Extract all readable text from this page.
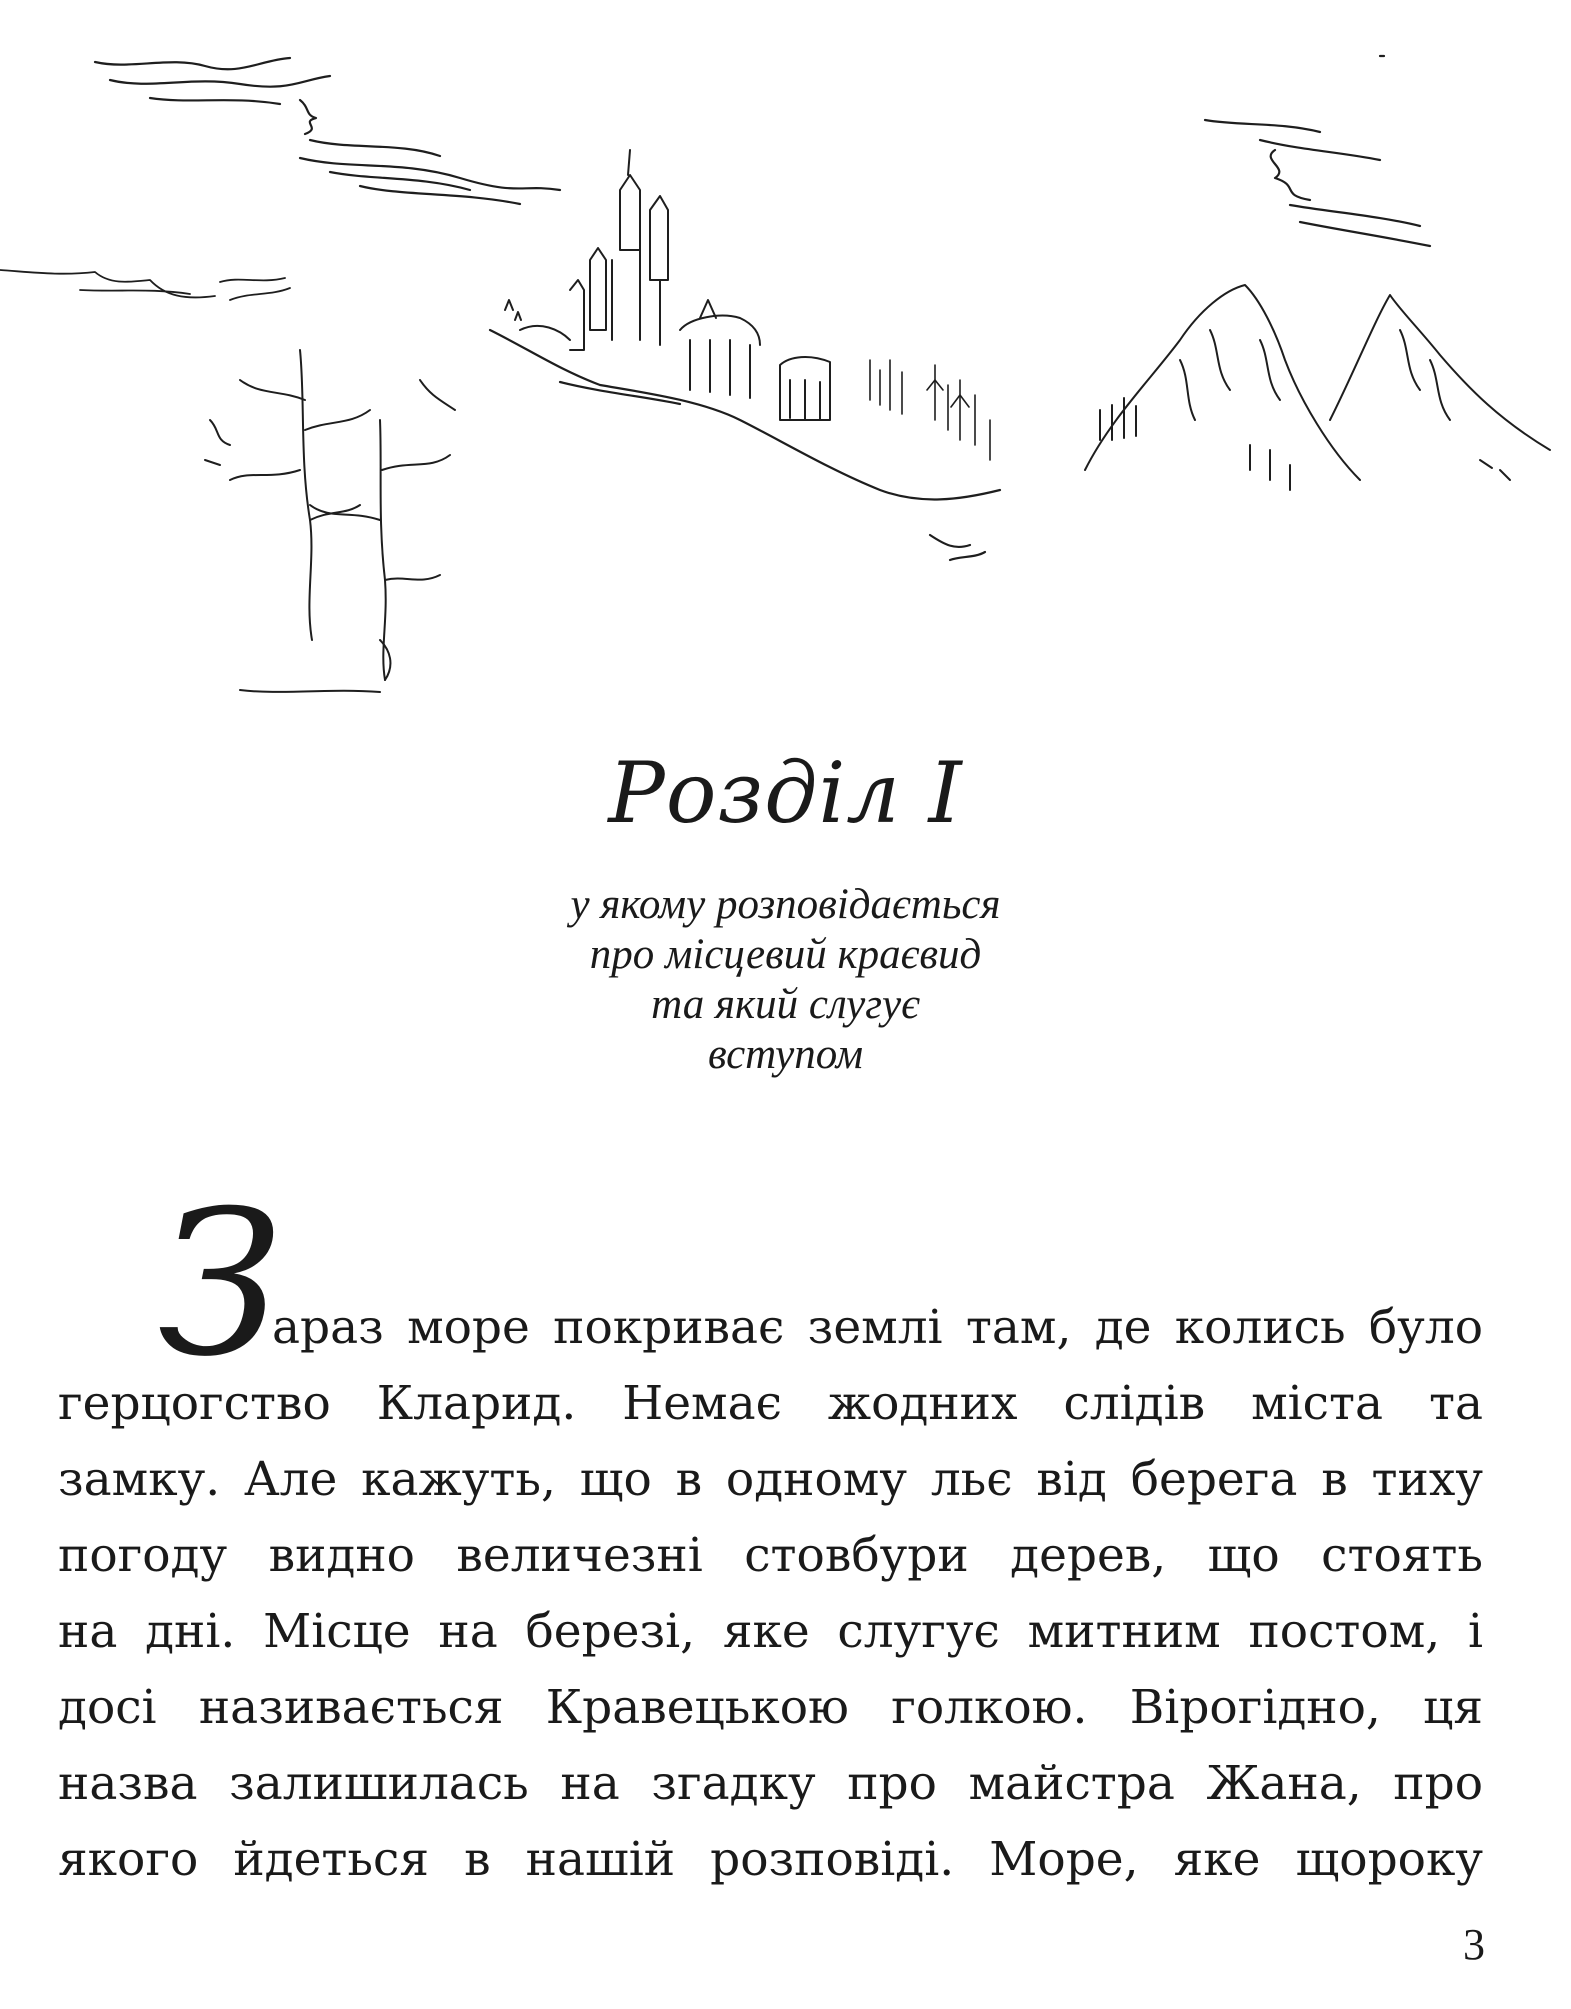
Розділ I
у якому розповідається
про місцевий краєвид
та який слугує
вступом
З
араз море покриває землі там, де колись було
герцогство Кларид. Немає жодних слідів міста та
замку. Але кажуть, що в одному льє від берега в тиху
погоду видно величезні стовбури дерев, що стоять
на дні. Місце на березі, яке слугує митним постом, і
досі називається Кравецькою голкою. Вірогідно, ця
назва залишилась на згадку про майстра Жана, про
якого йдеться в нашій розповіді. Море, яке щороку
3
